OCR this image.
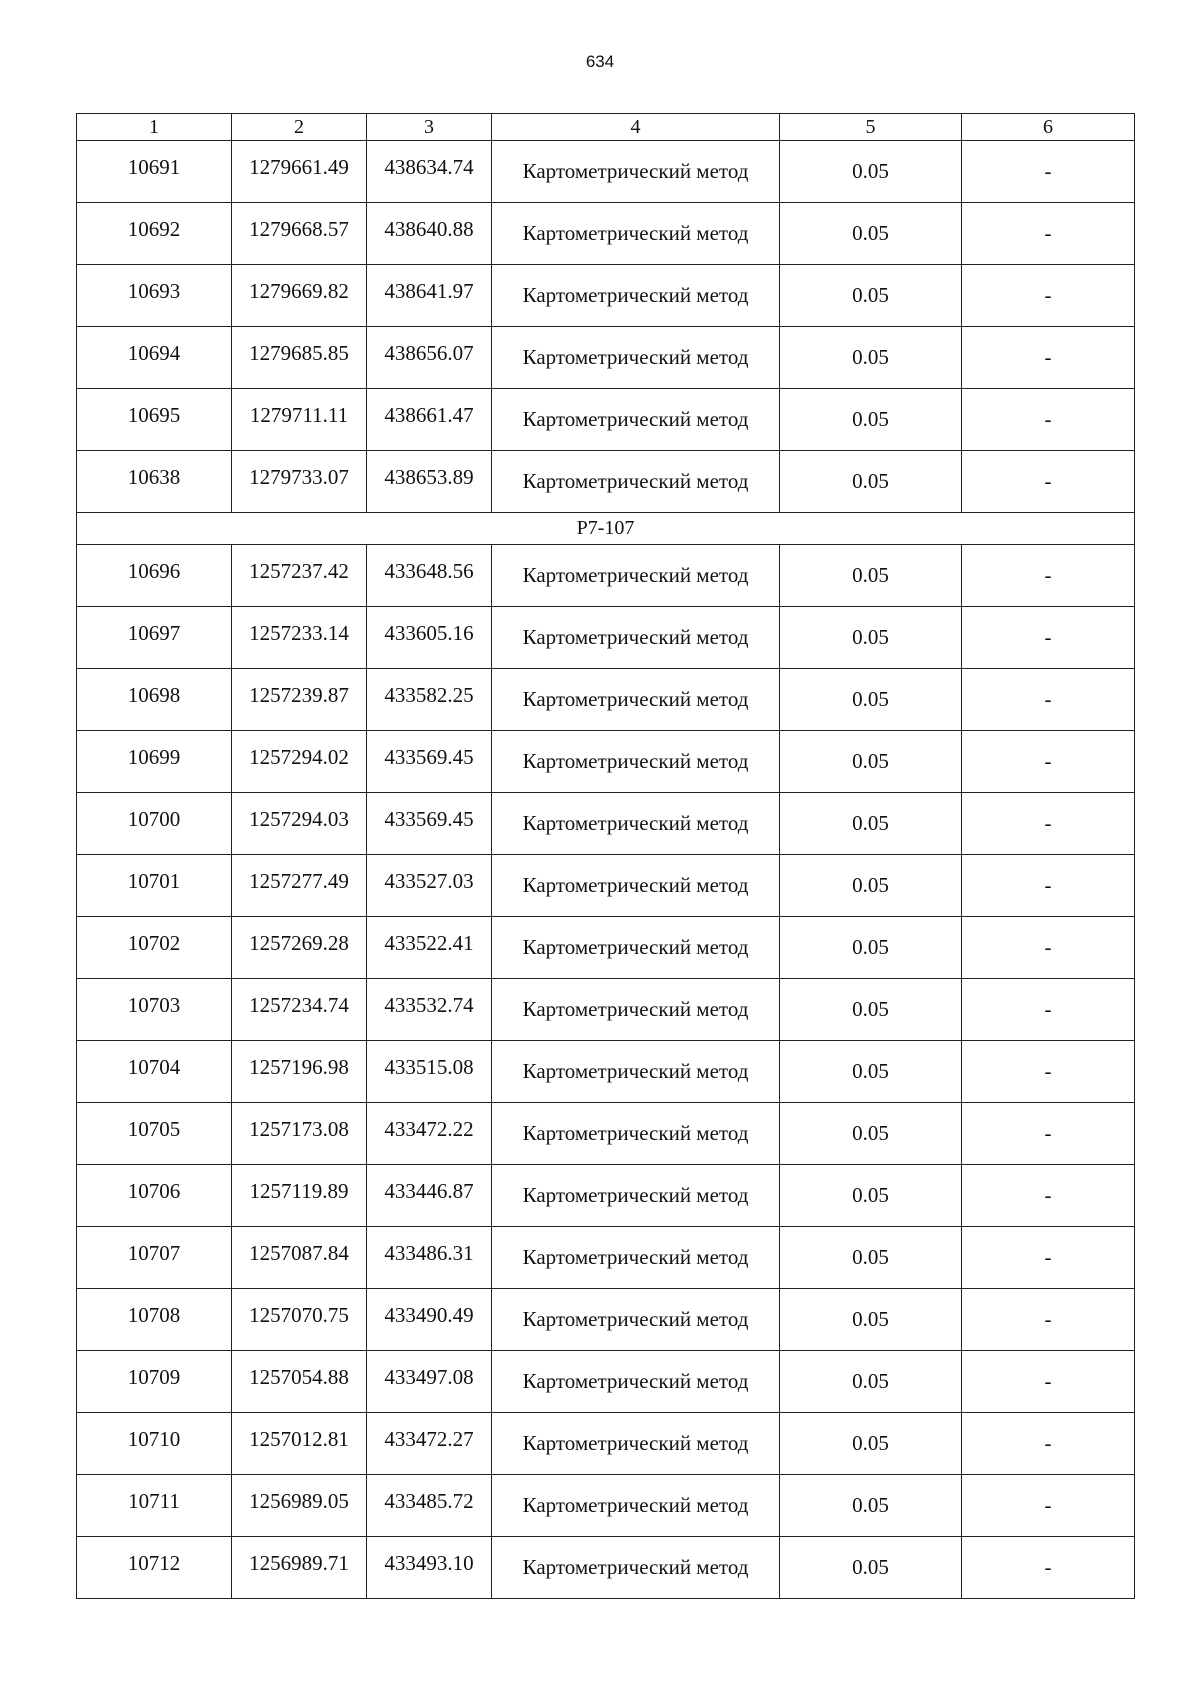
634
1	2	3	4	5	6
10691	1279661.49	438634.74	Картометрический метод	0.05	-
10692	1279668.57	438640.88	Картометрический метод	0.05	-
10693	1279669.82	438641.97	Картометрический метод	0.05	-
10694	1279685.85	438656.07	Картометрический метод	0.05	-
10695	1279711.11	438661.47	Картометрический метод	0.05	-
10638	1279733.07	438653.89	Картометрический метод	0.05	-
Р7-107					
10696	1257237.42	433648.56	Картометрический метод	0.05	-
10697	1257233.14	433605.16	Картометрический метод	0.05	-
10698	1257239.87	433582.25	Картометрический метод	0.05	-
10699	1257294.02	433569.45	Картометрический метод	0.05	-
10700	1257294.03	433569.45	Картометрический метод	0.05	-
10701	1257277.49	433527.03	Картометрический метод	0.05	-
10702	1257269.28	433522.41	Картометрический метод	0.05	-
10703	1257234.74	433532.74	Картометрический метод	0.05	-
10704	1257196.98	433515.08	Картометрический метод	0.05	-
10705	1257173.08	433472.22	Картометрический метод	0.05	-
10706	1257119.89	433446.87	Картометрический метод	0.05	-
10707	1257087.84	433486.31	Картометрический метод	0.05	-
10708	1257070.75	433490.49	Картометрический метод	0.05	-
10709	1257054.88	433497.08	Картометрический метод	0.05	-
10710	1257012.81	433472.27	Картометрический метод	0.05	-
10711	1256989.05	433485.72	Картометрический метод	0.05	-
10712	1256989.71	433493.10	Картометрический метод	0.05	-
